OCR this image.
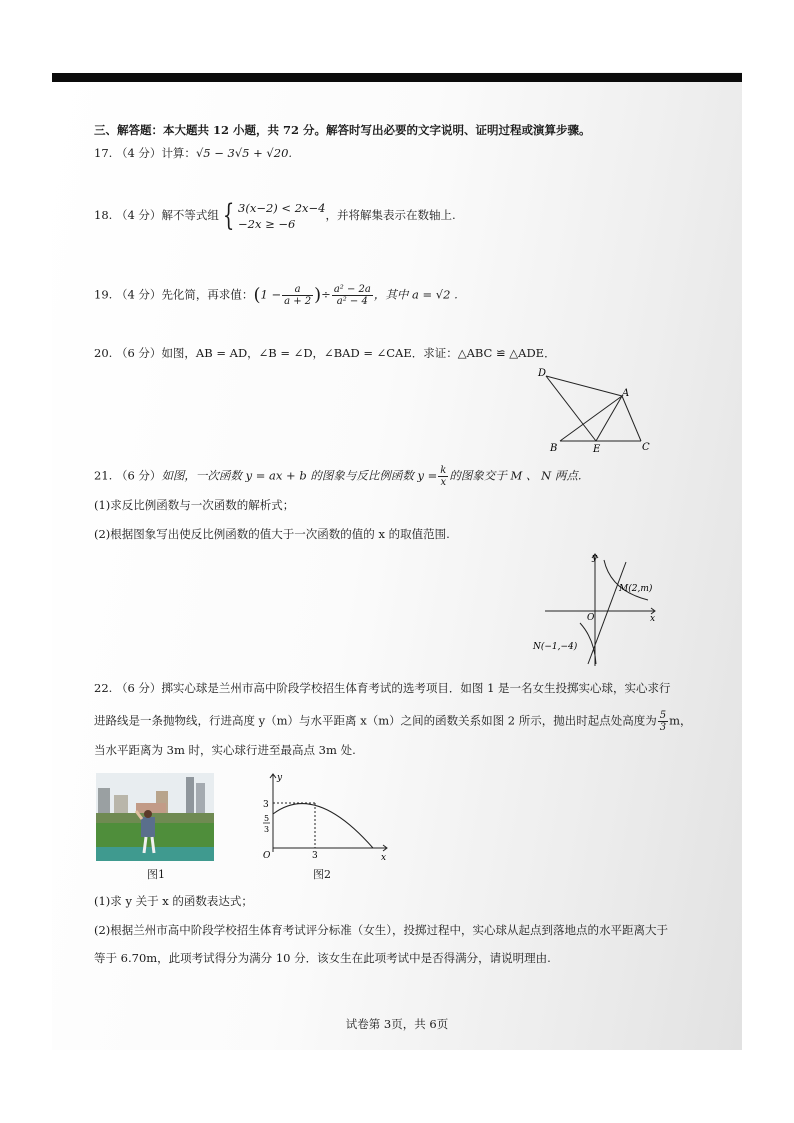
三、解答题：本大题共 12 小题，共 72 分。解答时写出必要的文字说明、证明过程或演算步骤。
17. （4 分）计算：√5 − 3√5 + √20.
18. （4 分）解不等式组 { 3(x−2) < 2x−4
−2x ≥ −6
，并将解集表示在数轴上.
19. （4 分）先化简，再求值：($1 - \frac{a}{a + 2}$ )÷ $\frac{\text{a² − 2a}}{\text{a² − 4}}$ ，其中 a = √2 .
20. （6 分）如图，AB = AD，∠B = ∠D，∠BAD = ∠CAE．求证：△ABC ≌ △ADE．
D
A
B	E	C
21. （6 分）如图，一次函数 y = ax + b 的图象与反比例函数 $y = \frac{k}{x}$ 的图象交于 M 、 N 两点.
(1)求反比例函数与一次函数的解析式；
(2)根据图象写出使反比例函数的值大于一次函数的值的 x 的取值范围.
y
x
O
M(2,m)
N(−1,−4)
22. （6 分）掷实心球是兰州市高中阶段学校招生体育考试的选考项目．如图 1 是一名女生投掷实心球，实心求行
进路线是一条抛物线，行进高度 y（m）与水平距离 x（m）之间的函数关系如图 2 所示，抛出时起点处高度为 $\frac{5}{3}$ m，
当水平距离为 3m 时，实心球行进至最高点 3m 处.
图1
y
x
O
3
5
3
3
图2
(1)求 y 关于 x 的函数表达式；
(2)根据兰州市高中阶段学校招生体育考试评分标准（女生），投掷过程中，实心球从起点到落地点的水平距离大于
等于 6.70m，此项考试得分为满分 10 分．该女生在此项考试中是否得满分，请说明理由.
试卷第 3页，共 6页
